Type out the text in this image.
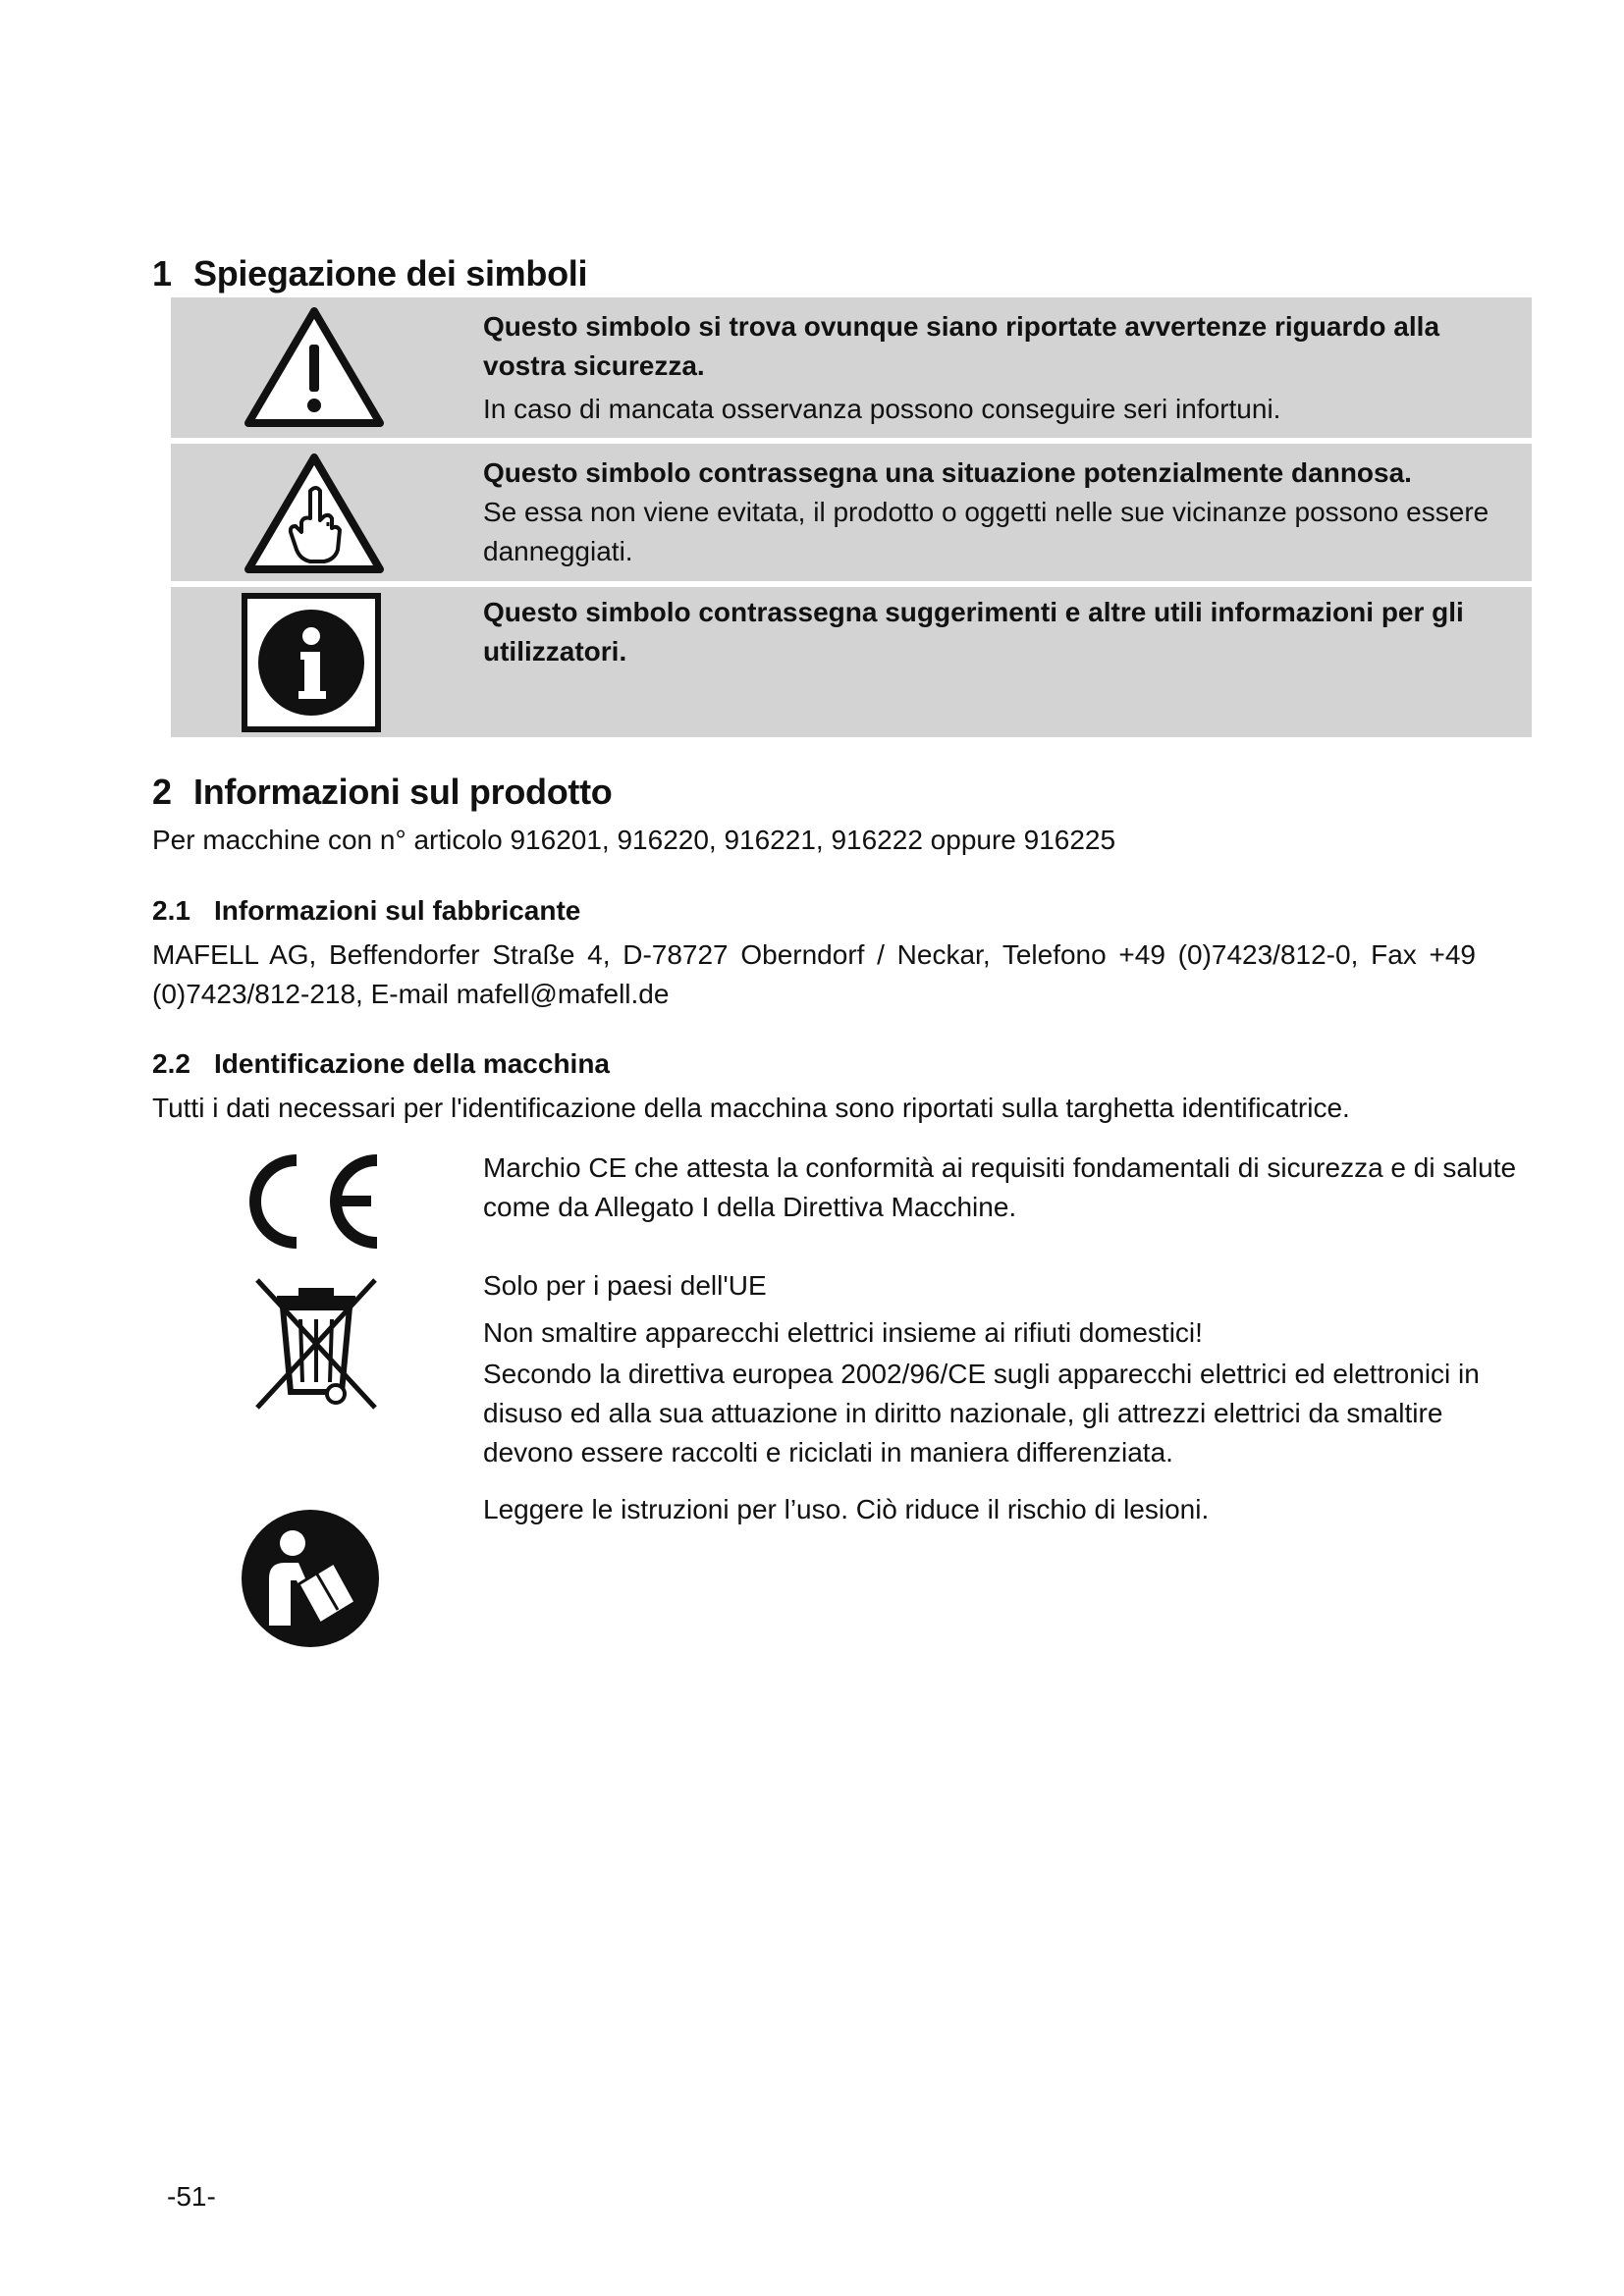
1 Spiegazione dei simboli
Questo simbolo si trova ovunque siano riportate avvertenze riguardo alla vostra sicurezza.
In caso di mancata osservanza possono conseguire seri infortuni.
Questo simbolo contrassegna una situazione potenzialmente dannosa.
Se essa non viene evitata, il prodotto o oggetti nelle sue vicinanze possono essere danneggiati.
Questo simbolo contrassegna suggerimenti e altre utili informazioni per gli utilizzatori.
2 Informazioni sul prodotto

Per macchine con n° articolo 916201, 916220, 916221, 916222 oppure 916225

2.1 Informazioni sul fabbricante

MAFELL AG, Beffendorfer Straße 4, D-78727 Oberndorf / Neckar, Telefono +49 (0)7423/812-0, Fax +49 (0)7423/812-218, E-mail mafell@mafell.de

2.2 Identificazione della macchina

Tutti i dati necessari per l'identificazione della macchina sono riportati sulla targhetta identificatrice.

Marchio CE che attesta la conformità ai requisiti fondamentali di sicurezza e di salute come da Allegato I della Direttiva Macchine.

Solo per i paesi dell'UE

Non smaltire apparecchi elettrici insieme ai rifiuti domestici!

Secondo la direttiva europea 2002/96/CE sugli apparecchi elettrici ed elettronici in disuso ed alla sua attuazione in diritto nazionale, gli attrezzi elettrici da smaltire devono essere raccolti e riciclati in maniera differenziata.

Leggere le istruzioni per l’uso. Ciò riduce il rischio di lesioni.

-51-
